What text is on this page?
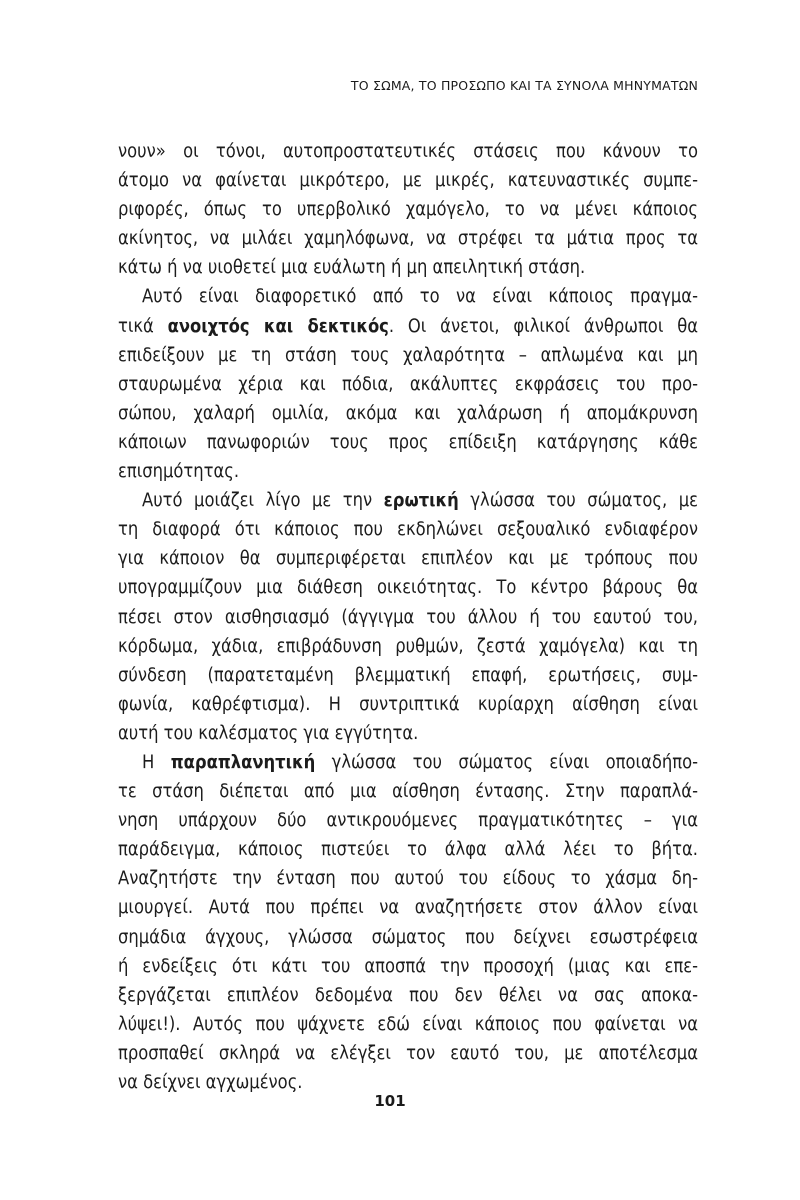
ΤΟ ΣΩΜΑ, ΤΟ ΠΡΟΣΩΠΟ ΚΑΙ ΤΑ ΣΥΝΟΛΑ ΜΗΝΥΜΑΤΩΝ
νουν» οι τόνοι, αυτοπροστατευτικές στάσεις που κάνουν το
άτομο να φαίνεται μικρότερο, με μικρές, κατευναστικές συμπε-
ριφορές, όπως το υπερβολικό χαμόγελο, το να μένει κάποιος
ακίνητος, να μιλάει χαμηλόφωνα, να στρέφει τα μάτια προς τα
κάτω ή να υιοθετεί μια ευάλωτη ή μη απειλητική στάση.
Αυτό είναι διαφορετικό από το να είναι κάποιος πραγμα-
τικά ανοιχτός και δεκτικός. Οι άνετοι, φιλικοί άνθρωποι θα
επιδείξουν με τη στάση τους χαλαρότητα – απλωμένα και μη
σταυρωμένα χέρια και πόδια, ακάλυπτες εκφράσεις του προ-
σώπου, χαλαρή ομιλία, ακόμα και χαλάρωση ή απομάκρυνση
κάποιων πανωφοριών τους προς επίδειξη κατάργησης κάθε
επισημότητας.
Αυτό μοιάζει λίγο με την ερωτική γλώσσα του σώματος, με
τη διαφορά ότι κάποιος που εκδηλώνει σεξουαλικό ενδιαφέρον
για κάποιον θα συμπεριφέρεται επιπλέον και με τρόπους που
υπογραμμίζουν μια διάθεση οικειότητας. Το κέντρο βάρους θα
πέσει στον αισθησιασμό (άγγιγμα του άλλου ή του εαυτού του,
κόρδωμα, χάδια, επιβράδυνση ρυθμών, ζεστά χαμόγελα) και τη
σύνδεση (παρατεταμένη βλεμματική επαφή, ερωτήσεις, συμ-
φωνία, καθρέφτισμα). Η συντριπτικά κυρίαρχη αίσθηση είναι
αυτή του καλέσματος για εγγύτητα.
Η παραπλανητική γλώσσα του σώματος είναι οποιαδήπο-
τε στάση διέπεται από μια αίσθηση έντασης. Στην παραπλά-
νηση υπάρχουν δύο αντικρουόμενες πραγματικότητες – για
παράδειγμα, κάποιος πιστεύει το άλφα αλλά λέει το βήτα.
Αναζητήστε την ένταση που αυτού του είδους το χάσμα δη-
μιουργεί. Αυτά που πρέπει να αναζητήσετε στον άλλον είναι
σημάδια άγχους, γλώσσα σώματος που δείχνει εσωστρέφεια
ή ενδείξεις ότι κάτι του αποσπά την προσοχή (μιας και επε-
ξεργάζεται επιπλέον δεδομένα που δεν θέλει να σας αποκα-
λύψει!). Αυτός που ψάχνετε εδώ είναι κάποιος που φαίνεται να
προσπαθεί σκληρά να ελέγξει τον εαυτό του, με αποτέλεσμα
να δείχνει αγχωμένος.
101
